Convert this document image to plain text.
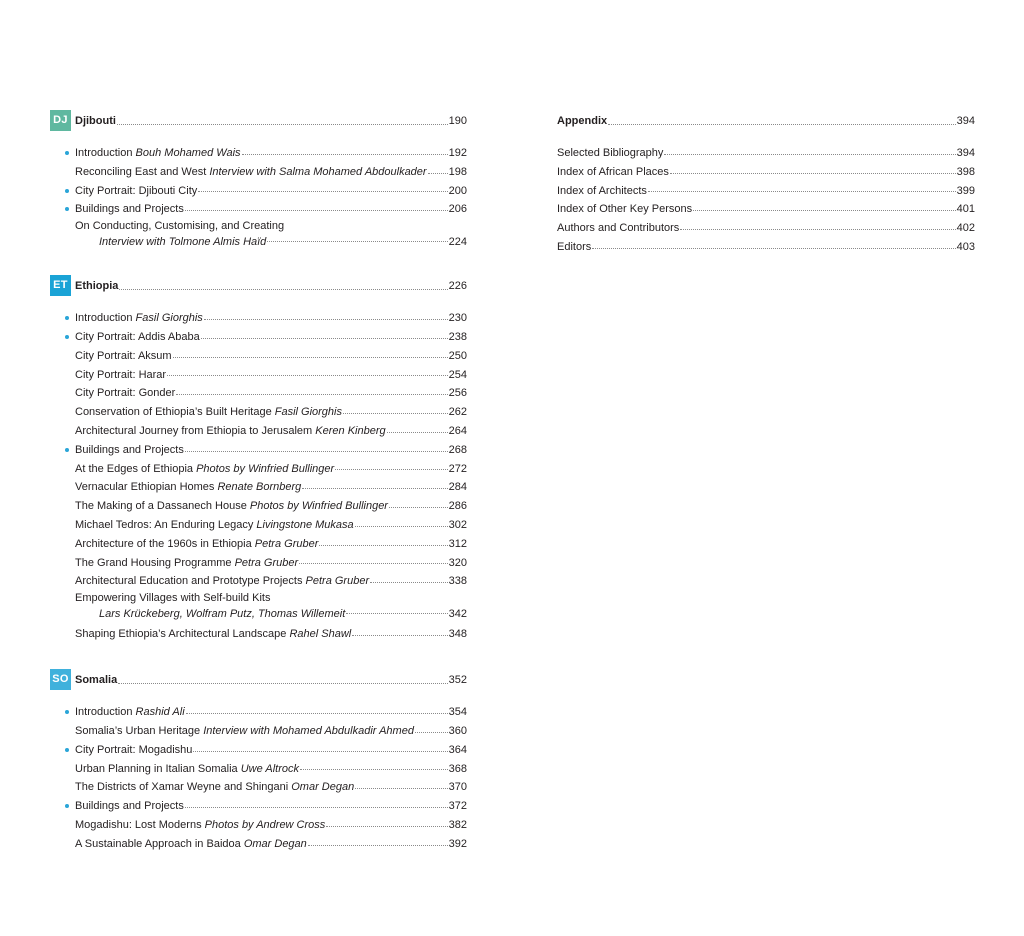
DJ Djibouti	190
Introduction Bouh Mohamed Wais	192
Reconciling East and West Interview with Salma Mohamed Abdoulkader 198
City Portrait: Djibouti City	200
Buildings and Projects	206
On Conducting, Customising, and Creating
Interview with Tolmone Almis Haïd	224
ET Ethiopia	226
Introduction Fasil Giorghis	230
City Portrait: Addis Ababa	238
City Portrait: Aksum	250
City Portrait: Harar	254
City Portrait: Gonder	256
Conservation of Ethiopia’s Built Heritage Fasil Giorghis	262
Architectural Journey from Ethiopia to Jerusalem Keren Kinberg	264
Buildings and Projects	268
At the Edges of Ethiopia Photos by Winfried Bullinger	272
Vernacular Ethiopian Homes Renate Bornberg	284
The Making of a Dassanech House Photos by Winfried Bullinger	286
Michael Tedros: An Enduring Legacy Livingstone Mukasa	302
Architecture of the 1960s in Ethiopia Petra Gruber	312
The Grand Housing Programme Petra Gruber	320
Architectural Education and Prototype Projects Petra Gruber	338
Empowering Villages with Self-build Kits
Lars Krückeberg, Wolfram Putz, Thomas Willemeit	342
Shaping Ethiopia’s Architectural Landscape Rahel Shawl	348
SO Somalia	352
Introduction Rashid Ali	354
Somalia’s Urban Heritage Interview with Mohamed Abdulkadir Ahmed	360
City Portrait: Mogadishu	364
Urban Planning in Italian Somalia Uwe Altrock	368
The Districts of Xamar Weyne and Shingani Omar Degan	370
Buildings and Projects	372
Mogadishu: Lost Moderns Photos by Andrew Cross	382
A Sustainable Approach in Baidoa Omar Degan	392
Appendix	394
Selected Bibliography	394
Index of African Places	398
Index of Architects	399
Index of Other Key Persons	401
Authors and Contributors	402
Editors	403
